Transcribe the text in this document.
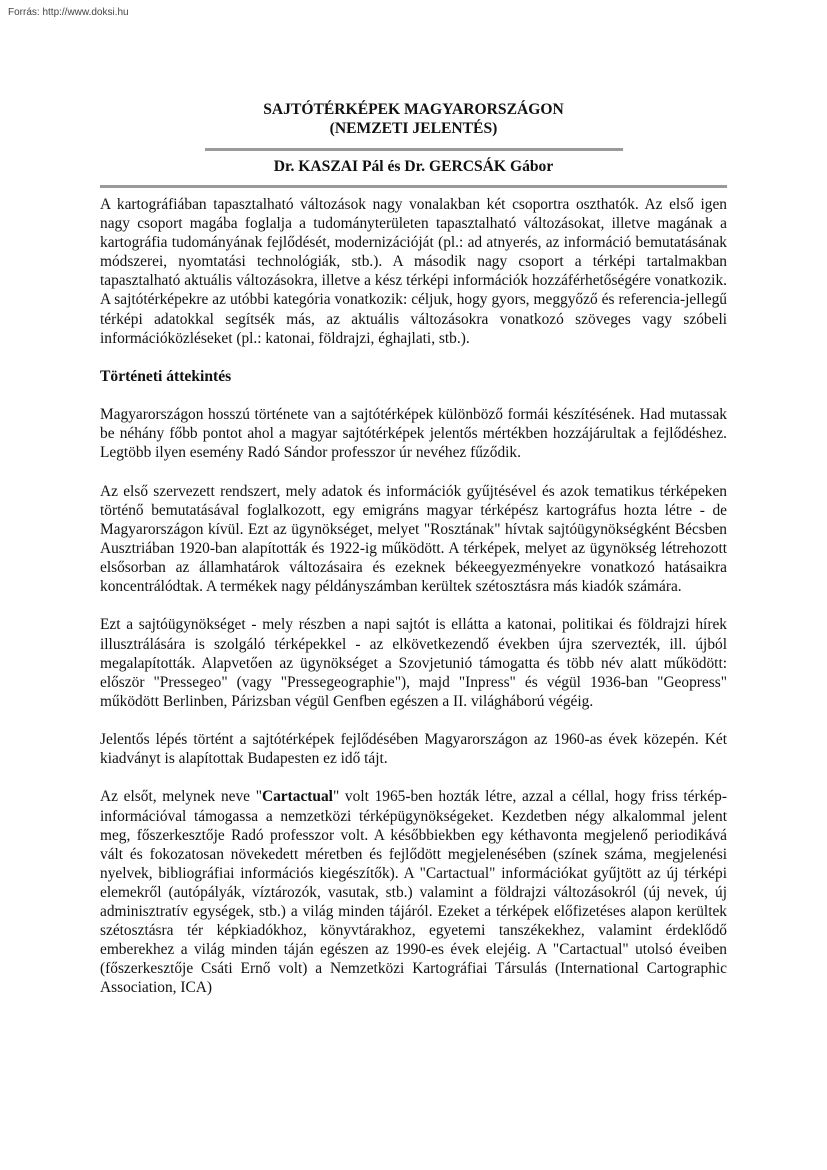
Forrás: http://www.doksi.hu
SAJTÓTÉRKÉPEK MAGYARORSZÁGON
(NEMZETI JELENTÉS)
Dr. KASZAI Pál és Dr. GERCSÁK Gábor

A kartográfiában tapasztalható változások nagy vonalakban két csoportra oszthatók. Az első igen nagy csoport magába foglalja a tudományterületen tapasztalható változásokat, illetve magának a kartográfia tudományának fejlődését, modernizációját (pl.: ad atnyerés, az információ bemutatásának módszerei, nyomtatási technológiák, stb.). A második nagy csoport a térképi tartalmakban tapasztalható aktuális változásokra, illetve a kész térképi információk hozzáférhetőségére vonatkozik. A sajtótérképekre az utóbbi kategória vonatkozik: céljuk, hogy gyors, meggyőző és referencia-jellegű térképi adatokkal segítsék más, az aktuális változásokra vonatkozó szöveges vagy szóbeli információközléseket (pl.: katonai, földrajzi, éghajlati, stb.).

Történeti áttekintés

Magyarországon hosszú története van a sajtótérképek különböző formái készítésének. Had mutassak be néhány főbb pontot ahol a magyar sajtótérképek jelentős mértékben hozzájárultak a fejlődéshez. Legtöbb ilyen esemény Radó Sándor professzor úr nevéhez fűződik.

Az első szervezett rendszert, mely adatok és információk gyűjtésével és azok tematikus térképeken történő bemutatásával foglalkozott, egy emigráns magyar térképész kartográfus hozta létre - de Magyarországon kívül. Ezt az ügynökséget, melyet "Rosztának" hívtak sajtóügynökségként Bécsben Ausztriában 1920-ban alapították és 1922-ig működött. A térképek, melyet az ügynökség létrehozott elsősorban az államhatárok változásaira és ezeknek békeegyezményekre vonatkozó hatásaikra koncentrálódtak. A termékek nagy példányszámban kerültek szétosztásra más kiadók számára.

Ezt a sajtóügynökséget - mely részben a napi sajtót is ellátta a katonai, politikai és földrajzi hírek illusztrálására is szolgáló térképekkel - az elkövetkezendő években újra szervezték, ill. újból megalapították. Alapvetően az ügynökséget a Szovjetunió támogatta és több név alatt működött: először "Pressegeo" (vagy "Pressegeographie"), majd "Inpress" és végül 1936-ban "Geopress" működött Berlinben, Párizsban végül Genfben egészen a II. világháború végéig.

Jelentős lépés történt a sajtótérképek fejlődésében Magyarországon az 1960-as évek közepén. Két kiadványt is alapítottak Budapesten ez idő tájt.

Az elsőt, melynek neve "Cartactual" volt 1965-ben hozták létre, azzal a céllal, hogy friss térkép-információval támogassa a nemzetközi térképügynökségeket. Kezdetben négy alkalommal jelent meg, főszerkesztője Radó professzor volt. A későbbiekben egy kéthavonta megjelenő periodikává vált és fokozatosan növekedett méretben és fejlődött megjelenésében (színek száma, megjelenési nyelvek, bibliográfiai információs kiegészítők). A "Cartactual" információkat gyűjtött az új térképi elemekről (autópályák, víztározók, vasutak, stb.) valamint a földrajzi változásokról (új nevek, új adminisztratív egységek, stb.) a világ minden tájáról. Ezeket a térképek előfizetéses alapon kerültek szétosztásra tér képkiadókhoz, könyvtárakhoz, egyetemi tanszékekhez, valamint érdeklődő emberekhez a világ minden táján egészen az 1990-es évek elejéig. A "Cartactual" utolsó éveiben (főszerkesztője Csáti Ernő volt) a Nemzetközi Kartográfiai Társulás (International Cartographic Association, ICA)
